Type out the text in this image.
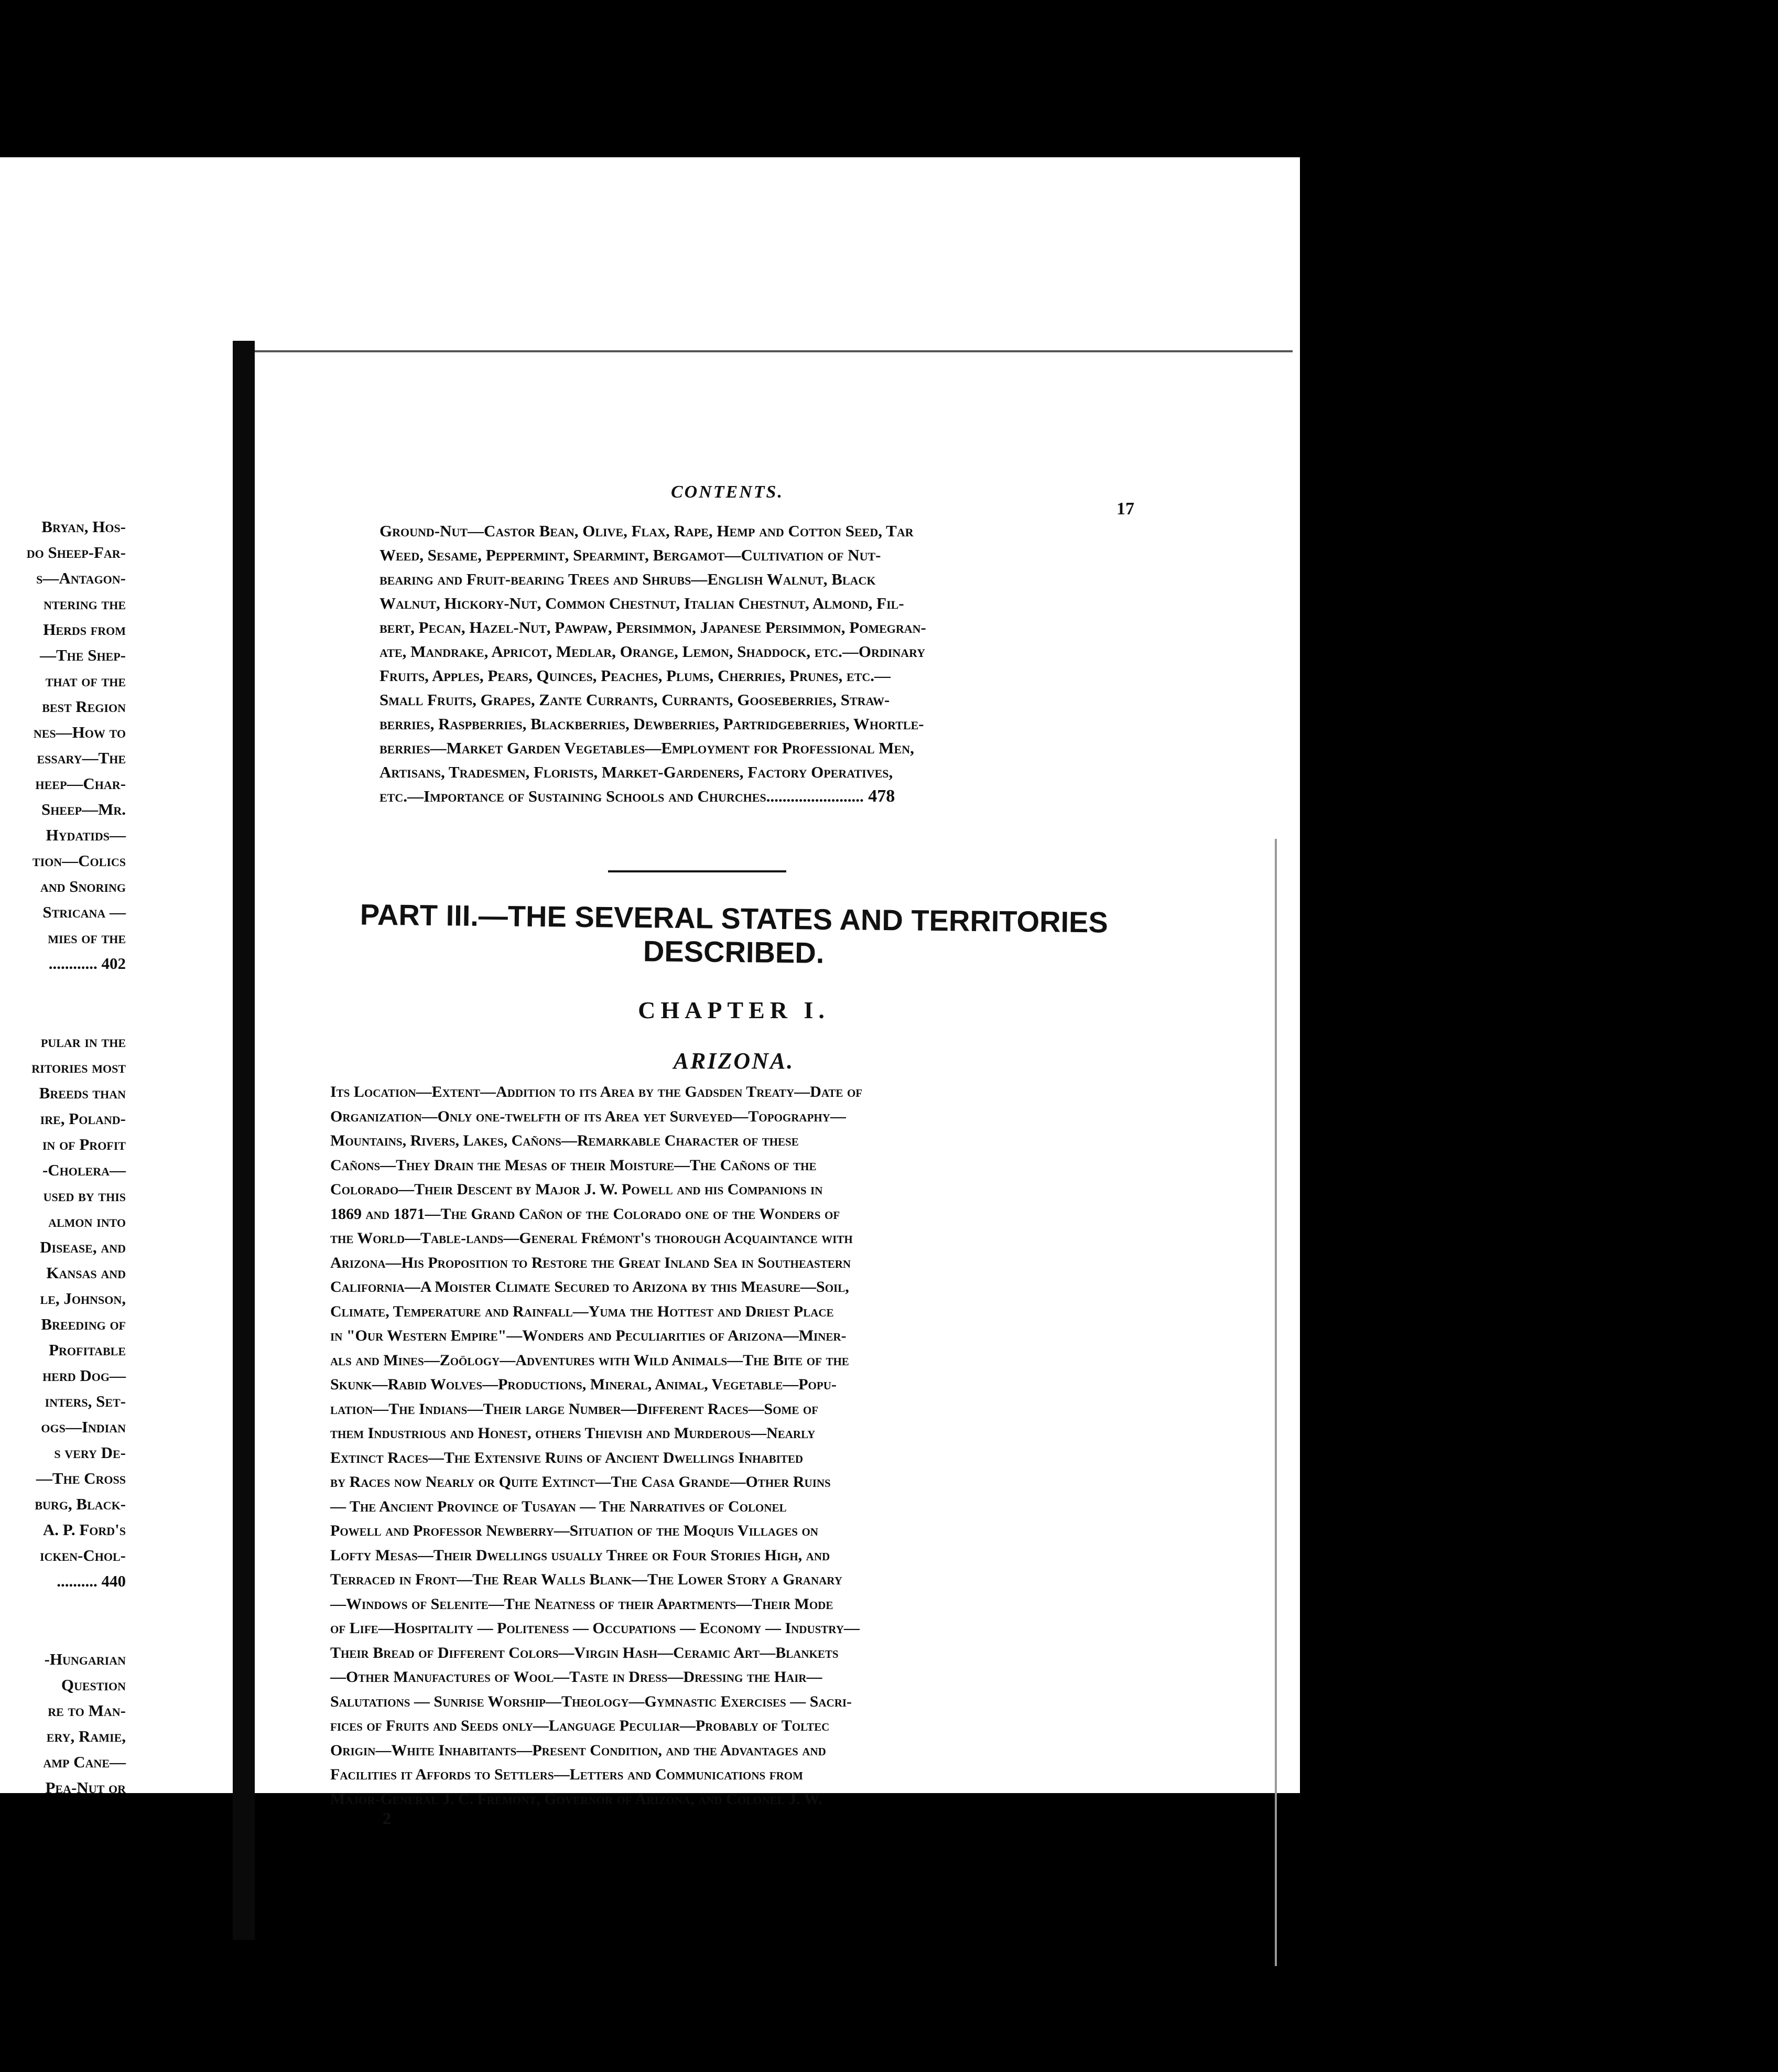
Bryan, Hos-
do Sheep-Far-
s—Antagon-
ntering the
Herds from
—The Shep-
that of the
best Region
nes—How to
essary—The
heep—Char-
Sheep—Mr.
Hydatids—
tion—Colics
and Snoring
Stricana —
mies of the
............ 402
pular in the
ritories most
Breeds than
ire, Poland-
in of Profit
-Cholera—
used by this
almon into
Disease, and
Kansas and
le, Johnson,
Breeding of
Profitable
herd Dog—
inters, Set-
ogs—Indian
s very De-
—The Cross
burg, Black-
A. P. Ford's
icken-Chol-
.......... 440
-Hungarian
Question
re to Man-
ery, Ramie,
amp Cane—
Pea-Nut or
CONTENTS.
17
Ground-Nut—Castor Bean, Olive, Flax, Rape, Hemp and Cotton Seed, Tar
Weed, Sesame, Peppermint, Spearmint, Bergamot—Cultivation of Nut-
bearing and Fruit-bearing Trees and Shrubs—English Walnut, Black
Walnut, Hickory-Nut, Common Chestnut, Italian Chestnut, Almond, Fil-
bert, Pecan, Hazel-Nut, Pawpaw, Persimmon, Japanese Persimmon, Pomegran-
ate, Mandrake, Apricot, Medlar, Orange, Lemon, Shaddock, etc.—Ordinary
Fruits, Apples, Pears, Quinces, Peaches, Plums, Cherries, Prunes, etc.—
Small Fruits, Grapes, Zante Currants, Currants, Gooseberries, Straw-
berries, Raspberries, Blackberries, Dewberries, Partridgeberries, Whortle-
berries—Market Garden Vegetables—Employment for Professional Men,
Artisans, Tradesmen, Florists, Market-Gardeners, Factory Operatives,
etc.—Importance of Sustaining Schools and Churches........................ 478
PART III.—THE SEVERAL STATES AND TERRITORIES
DESCRIBED.
CHAPTER I.
ARIZONA.
Its Location—Extent—Addition to its Area by the Gadsden Treaty—Date of
Organization—Only one-twelfth of its Area yet Surveyed—Topography—
Mountains, Rivers, Lakes, Cañons—Remarkable Character of these
Cañons—They Drain the Mesas of their Moisture—The Cañons of the
Colorado—Their Descent by Major J. W. Powell and his Companions in
1869 and 1871—The Grand Cañon of the Colorado one of the Wonders of
the World—Table-lands—General Frémont's thorough Acquaintance with
Arizona—His Proposition to Restore the Great Inland Sea in Southeastern
California—A Moister Climate Secured to Arizona by this Measure—Soil,
Climate, Temperature and Rainfall—Yuma the Hottest and Driest Place
in "Our Western Empire"—Wonders and Peculiarities of Arizona—Miner-
als and Mines—Zoölogy—Adventures with Wild Animals—The Bite of the
Skunk—Rabid Wolves—Productions, Mineral, Animal, Vegetable—Popu-
lation—The Indians—Their large Number—Different Races—Some of
them Industrious and Honest, others Thievish and Murderous—Nearly
Extinct Races—The Extensive Ruins of Ancient Dwellings Inhabited
by Races now Nearly or Quite Extinct—The Casa Grande—Other Ruins
— The Ancient Province of Tusayan — The Narratives of Colonel
Powell and Professor Newberry—Situation of the Moquis Villages on
Lofty Mesas—Their Dwellings usually Three or Four Stories High, and
Terraced in Front—The Rear Walls Blank—The Lower Story a Granary
—Windows of Selenite—The Neatness of their Apartments—Their Mode
of Life—Hospitality — Politeness — Occupations — Economy — Industry—
Their Bread of Different Colors—Virgin Hash—Ceramic Art—Blankets
—Other Manufactures of Wool—Taste in Dress—Dressing the Hair—
Salutations — Sunrise Worship—Theology—Gymnastic Exercises — Sacri-
fices of Fruits and Seeds only—Language Peculiar—Probably of Toltec
Origin—White Inhabitants—Present Condition, and the Advantages and
Facilities it Affords to Settlers—Letters and Communications from
Major-General J. C. Frémont, Governor of Arizona, and Colonel J. W.
2
